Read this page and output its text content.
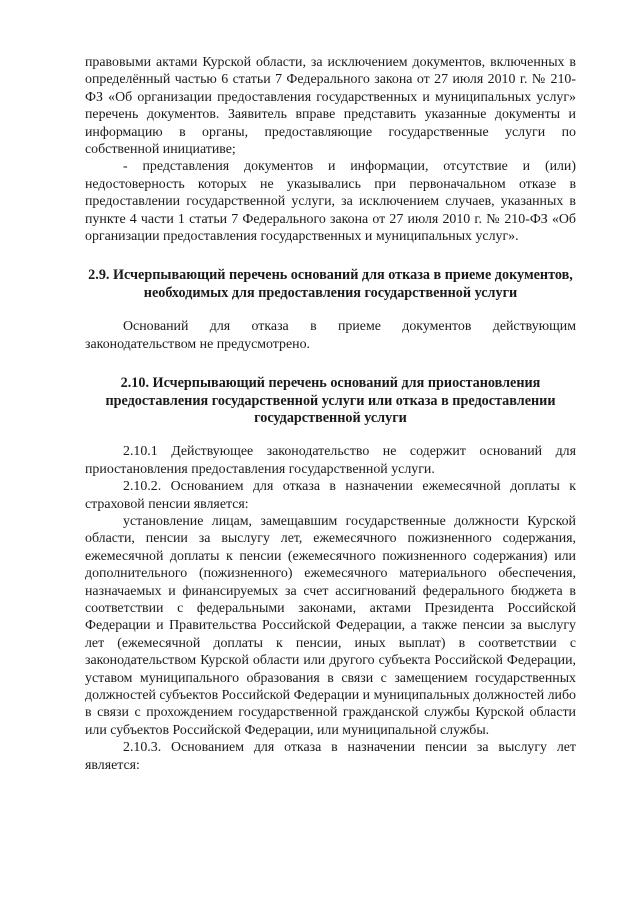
правовыми актами Курской области, за исключением документов, включенных в определённый частью 6 статьи 7 Федерального закона от 27 июля 2010 г. № 210-ФЗ «Об организации предоставления государственных и муниципальных услуг» перечень документов. Заявитель вправе представить указанные документы и информацию в органы, предоставляющие государственные услуги по собственной инициативе;

- представления документов и информации, отсутствие и (или) недостоверность которых не указывались при первоначальном отказе в предоставлении государственной услуги, за исключением случаев, указанных в пункте 4 части 1 статьи 7 Федерального закона от 27 июля 2010 г. № 210-ФЗ «Об организации предоставления государственных и муниципальных услуг».

2.9. Исчерпывающий перечень оснований для отказа в приеме документов, необходимых для предоставления государственной услуги

Оснований для отказа в приеме документов действующим законодательством не предусмотрено.

2.10. Исчерпывающий перечень оснований для приостановления предоставления государственной услуги или отказа в предоставлении государственной услуги

2.10.1 Действующее законодательство не содержит оснований для приостановления предоставления государственной услуги.

2.10.2. Основанием для отказа в назначении ежемесячной доплаты к страховой пенсии является:

установление лицам, замещавшим государственные должности Курской области, пенсии за выслугу лет, ежемесячного пожизненного содержания, ежемесячной доплаты к пенсии (ежемесячного пожизненного содержания) или дополнительного (пожизненного) ежемесячного материального обеспечения, назначаемых и финансируемых за счет ассигнований федерального бюджета в соответствии с федеральными законами, актами Президента Российской Федерации и Правительства Российской Федерации, а также пенсии за выслугу лет (ежемесячной доплаты к пенсии, иных выплат) в соответствии с законодательством Курской области или другого субъекта Российской Федерации, уставом муниципального образования в связи с замещением государственных должностей субъектов Российской Федерации и муниципальных должностей либо в связи с прохождением государственной гражданской службы Курской области или субъектов Российской Федерации, или муниципальной службы.

2.10.3. Основанием для отказа в назначении пенсии за выслугу лет является:
